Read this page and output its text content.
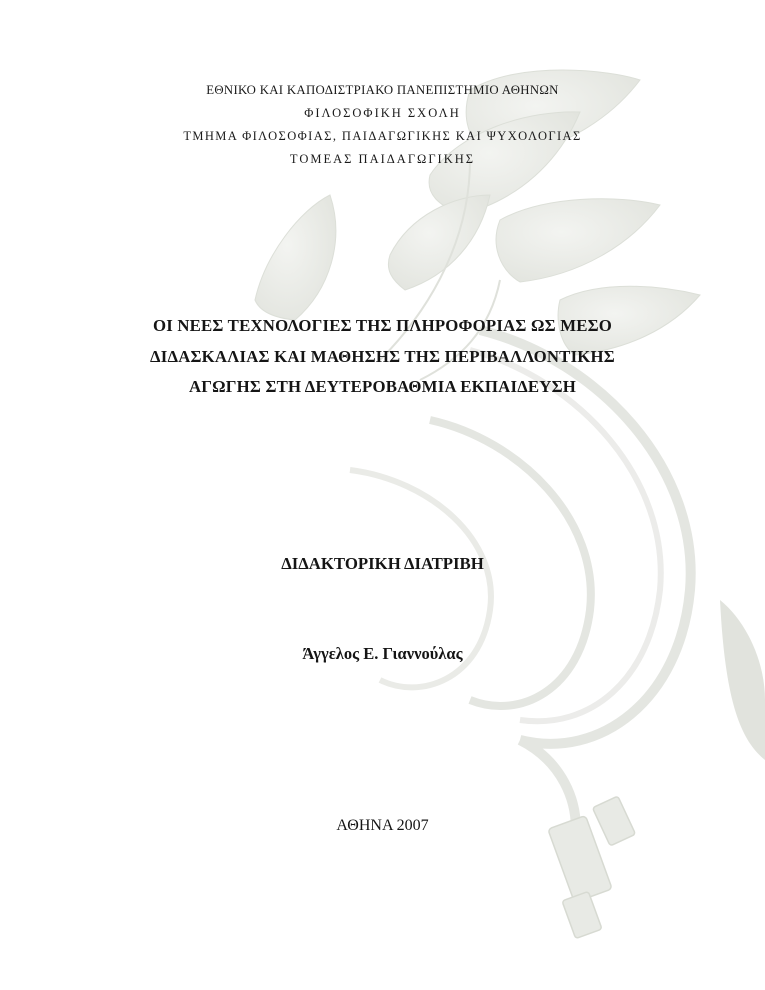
ΕΘΝΙΚΟ ΚΑΙ ΚΑΠΟΔΙΣΤΡΙΑΚΟ ΠΑΝΕΠΙΣΤΗΜΙΟ ΑΘΗΝΩΝ
ΦΙΛΟΣΟΦΙΚΗ ΣΧΟΛΗ
ΤΜΗΜΑ ΦΙΛΟΣΟΦΙΑΣ, ΠΑΙΔΑΓΩΓΙΚΗΣ ΚΑΙ ΨΥΧΟΛΟΓΙΑΣ
ΤΟΜΕΑΣ ΠΑΙΔΑΓΩΓΙΚΗΣ
ΟΙ ΝΕΕΣ ΤΕΧΝΟΛΟΓΙΕΣ ΤΗΣ ΠΛΗΡΟΦΟΡΙΑΣ ΩΣ ΜΕΣΟ
ΔΙΔΑΣΚΑΛΙΑΣ ΚΑΙ ΜΑΘΗΣΗΣ ΤΗΣ ΠΕΡΙΒΑΛΛΟΝΤΙΚΗΣ
ΑΓΩΓΗΣ ΣΤΗ ΔΕΥΤΕΡΟΒΑΘΜΙΑ ΕΚΠΑΙΔΕΥΣΗ
ΔΙΔΑΚΤΟΡΙΚΗ ΔΙΑΤΡΙΒΗ
Άγγελος Ε. Γιαννούλας
ΑΘΗΝΑ 2007
